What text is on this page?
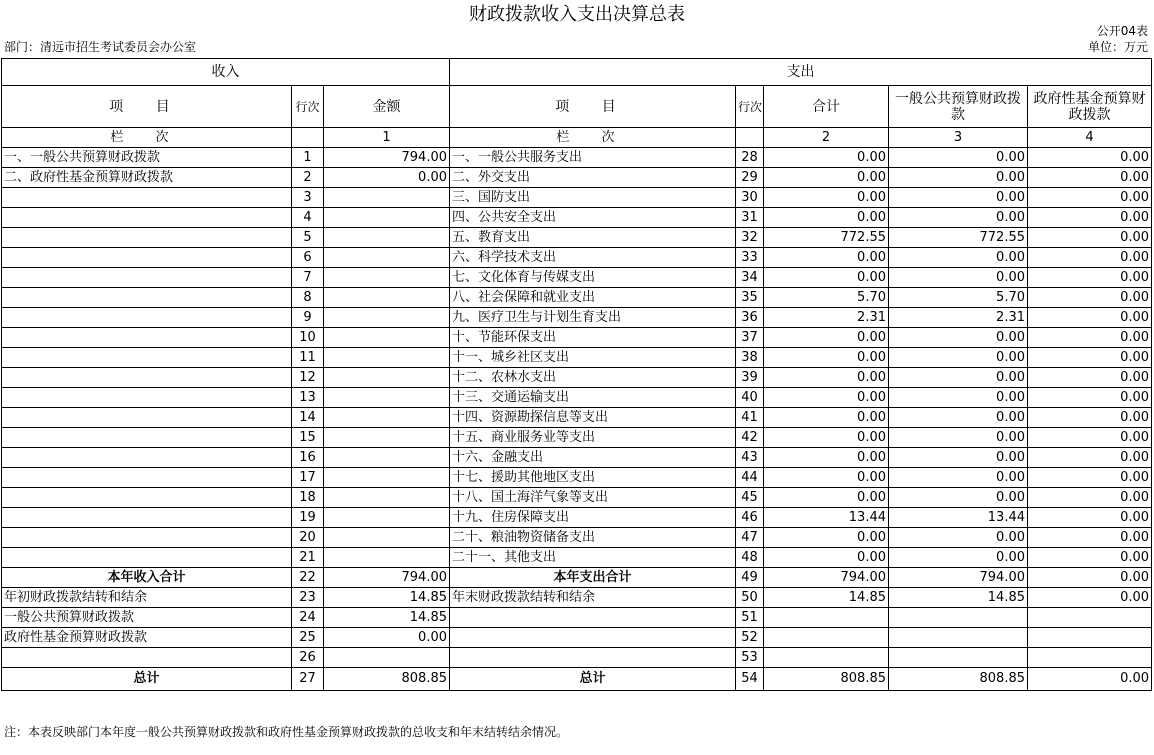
财政拨款收入支出决算总表
公开04表
部门：清远市招生考试委员会办公室	单位：万元
收入			支出				
项 目	行次	金额	项 目	行次	合计	一般公共预算财政拨款	政府性基金预算财政拨款
栏 次		1	栏 次		2	3	4
一、一般公共预算财政拨款	1	794.00	一、一般公共服务支出	28	0.00	0.00	0.00
二、政府性基金预算财政拨款	2	0.00	二、外交支出	29	0.00	0.00	0.00
	3		三、国防支出	30	0.00	0.00	0.00
	4		四、公共安全支出	31	0.00	0.00	0.00
	5		五、教育支出	32	772.55	772.55	0.00
	6		六、科学技术支出	33	0.00	0.00	0.00
	7		七、文化体育与传媒支出	34	0.00	0.00	0.00
	8		八、社会保障和就业支出	35	5.70	5.70	0.00
	9		九、医疗卫生与计划生育支出	36	2.31	2.31	0.00
	10		十、节能环保支出	37	0.00	0.00	0.00
	11		十一、城乡社区支出	38	0.00	0.00	0.00
	12		十二、农林水支出	39	0.00	0.00	0.00
	13		十三、交通运输支出	40	0.00	0.00	0.00
	14		十四、资源勘探信息等支出	41	0.00	0.00	0.00
	15		十五、商业服务业等支出	42	0.00	0.00	0.00
	16		十六、金融支出	43	0.00	0.00	0.00
	17		十七、援助其他地区支出	44	0.00	0.00	0.00
	18		十八、国土海洋气象等支出	45	0.00	0.00	0.00
	19		十九、住房保障支出	46	13.44	13.44	0.00
	20		二十、粮油物资储备支出	47	0.00	0.00	0.00
	21		二十一、其他支出	48	0.00	0.00	0.00
本年收入合计	22	794.00	本年支出合计	49	794.00	794.00	0.00
年初财政拨款结转和结余	23	14.85	年末财政拨款结转和结余	50	14.85	14.85	0.00
一般公共预算财政拨款	24	14.85		51			
政府性基金预算财政拨款	25	0.00		52			
	26			53			
总计	27	808.85	总计	54	808.85	808.85	0.00
注：本表反映部门本年度一般公共预算财政拨款和政府性基金预算财政拨款的总收支和年末结转结余情况。
